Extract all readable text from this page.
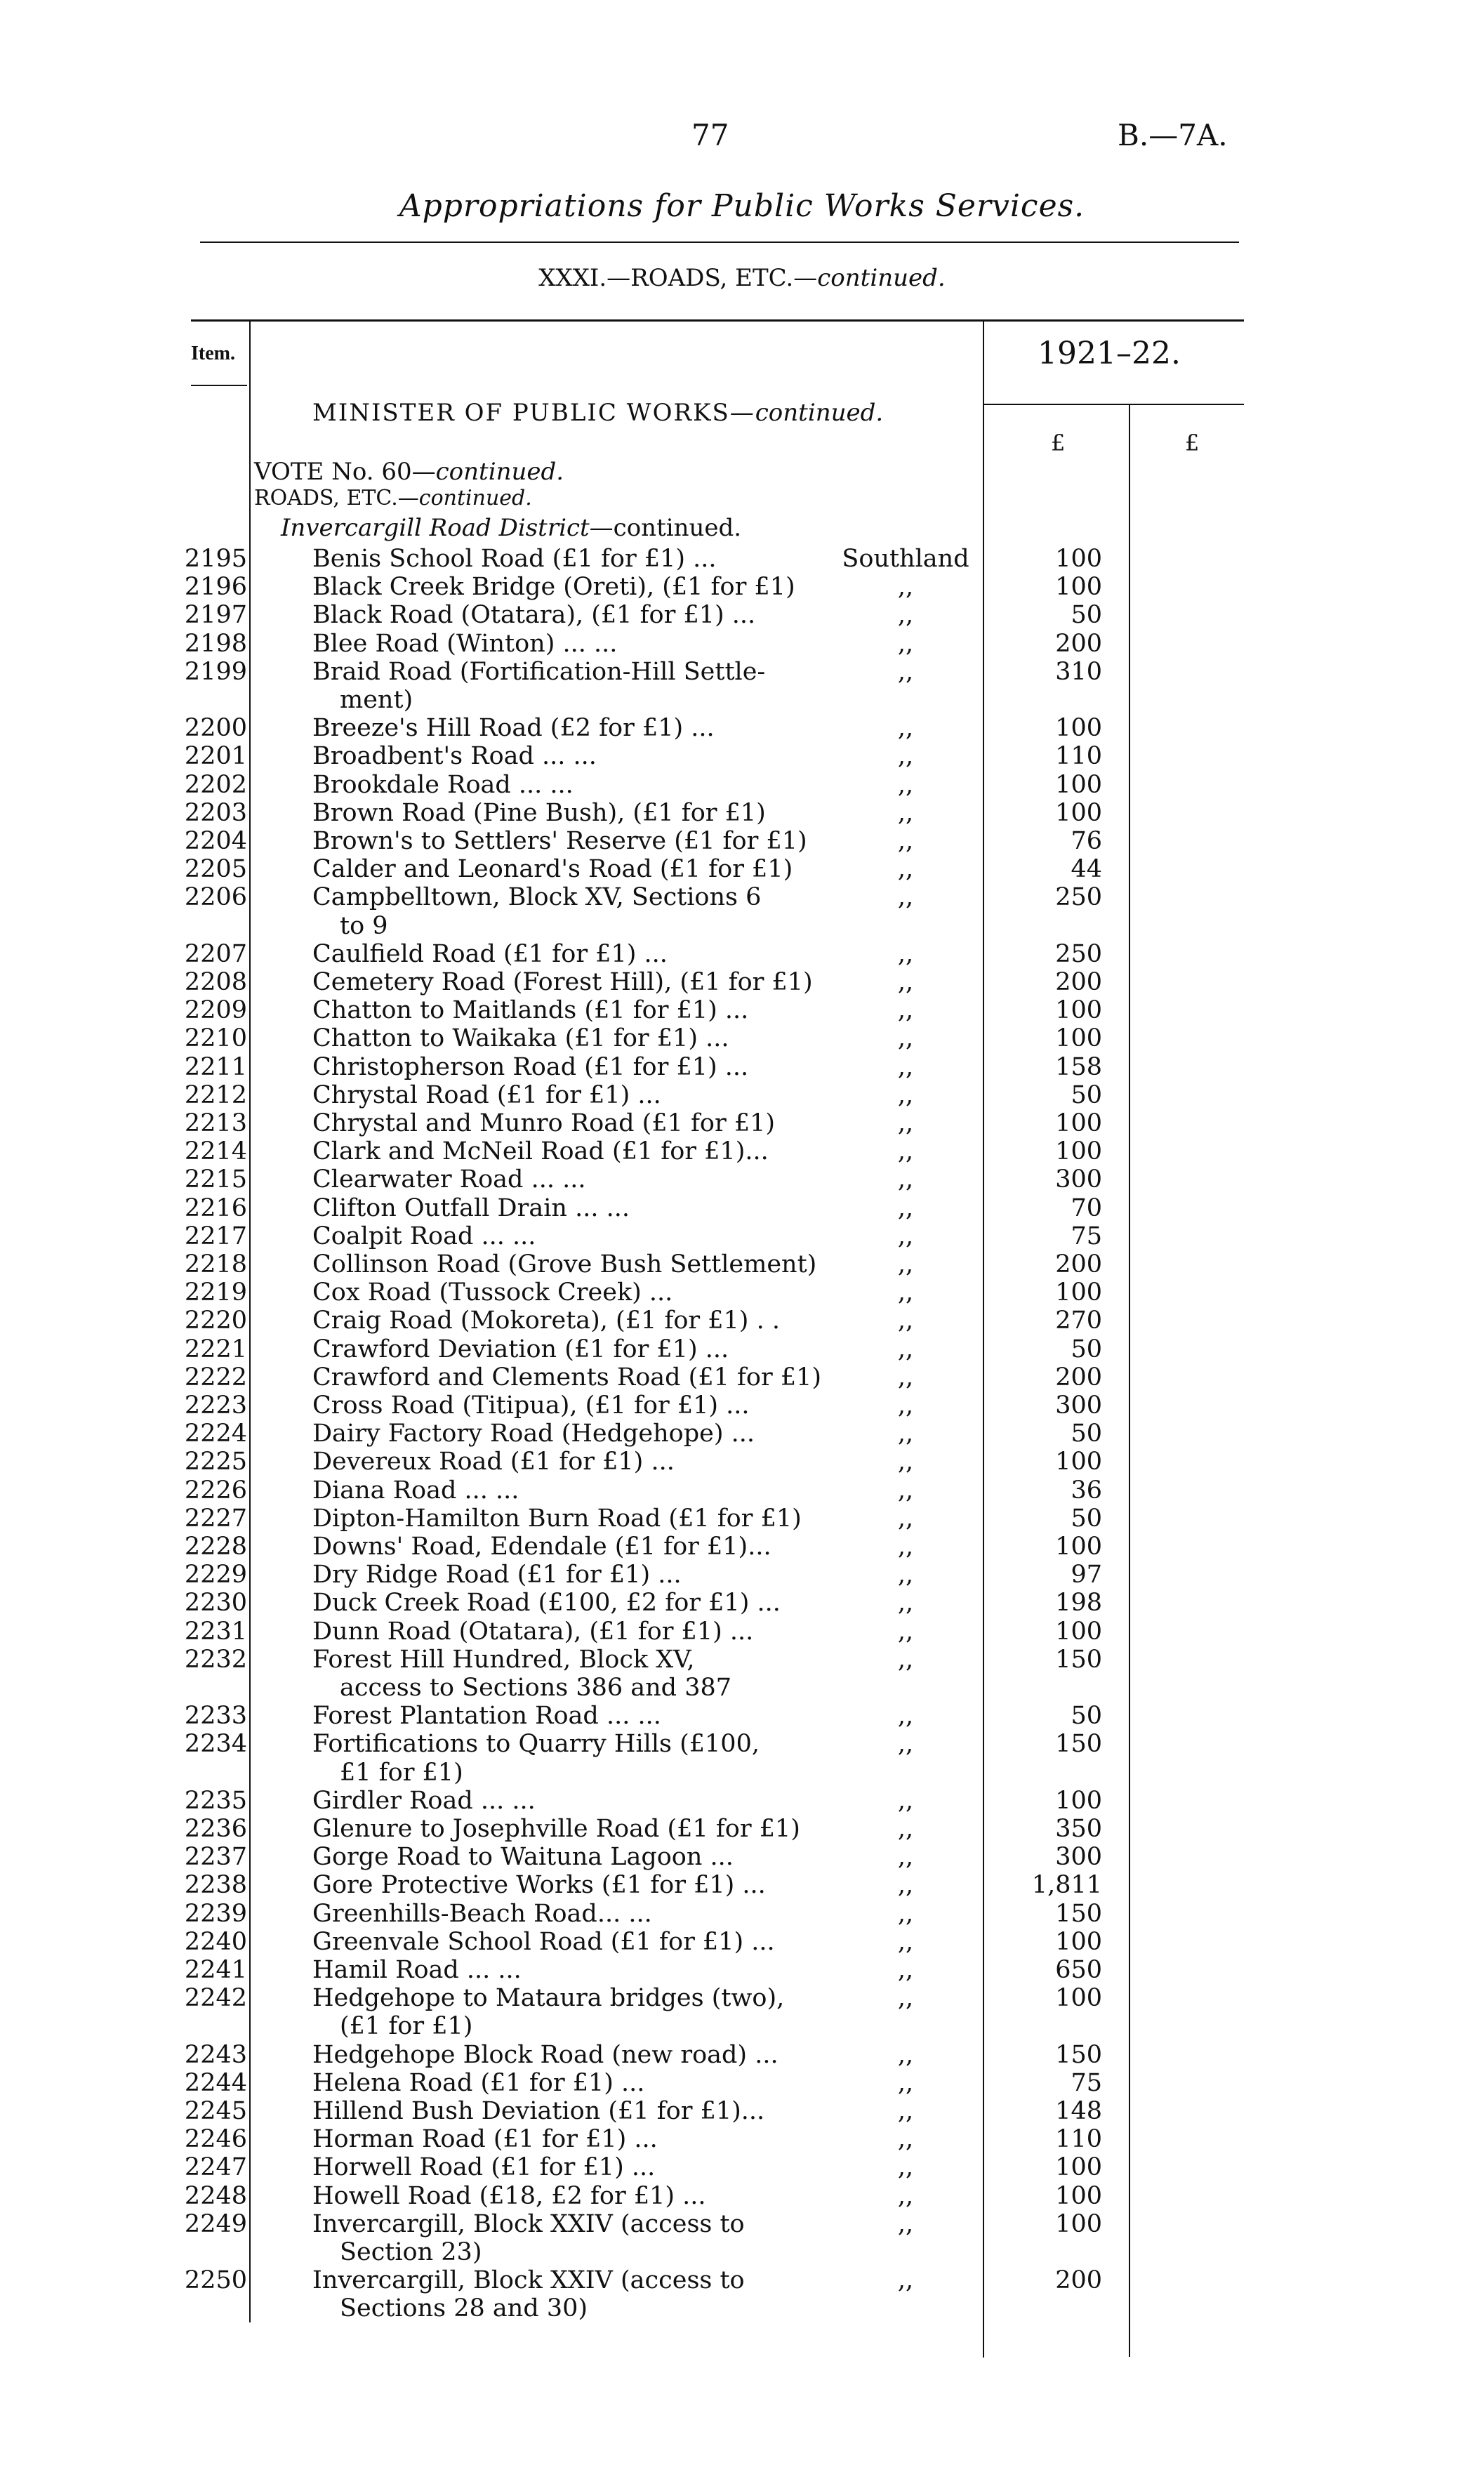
77	B.—7A.
Appropriations for Public Works Services.
XXXI.—ROADS, ETC.—continued.
Item.	1921–22.
£	£
MINISTER OF PUBLIC WORKS—continued.
VOTE No. 60—continued.
ROADS, ETC.—continued.
Invercargill Road District—continued.
2195	Benis School Road (£1 for £1) ...	Southland	100
2196	Black Creek Bridge (Oreti), (£1 for £1)	,,	100
2197	Black Road (Otatara), (£1 for £1) ...	,,	50
2198	Blee Road (Winton) ... ...	,,	200
2199	Braid Road (Fortification-Hill Settle-	,,	310
ment)
2200	Breeze's Hill Road (£2 for £1) ...	,,	100
2201	Broadbent's Road ... ...	,,	110
2202	Brookdale Road ... ...	,,	100
2203	Brown Road (Pine Bush), (£1 for £1)	,,	100
2204	Brown's to Settlers' Reserve (£1 for £1)	,,	76
2205	Calder and Leonard's Road (£1 for £1)	,,	44
2206	Campbelltown, Block XV, Sections 6	,,	250
to 9
2207	Caulfield Road (£1 for £1) ...	,,	250
2208	Cemetery Road (Forest Hill), (£1 for £1)	,,	200
2209	Chatton to Maitlands (£1 for £1) ...	,,	100
2210	Chatton to Waikaka (£1 for £1) ...	,,	100
2211	Christopherson Road (£1 for £1) ...	,,	158
2212	Chrystal Road (£1 for £1) ...	,,	50
2213	Chrystal and Munro Road (£1 for £1)	,,	100
2214	Clark and McNeil Road (£1 for £1)...	,,	100
2215	Clearwater Road ... ...	,,	300
2216	Clifton Outfall Drain ... ...	,,	70
2217	Coalpit Road ... ...	,,	75
2218	Collinson Road (Grove Bush Settlement)	,,	200
2219	Cox Road (Tussock Creek) ...	,,	100
2220	Craig Road (Mokoreta), (£1 for £1) . .	,,	270
2221	Crawford Deviation (£1 for £1) ...	,,	50
2222	Crawford and Clements Road (£1 for £1)	,,	200
2223	Cross Road (Titipua), (£1 for £1) ...	,,	300
2224	Dairy Factory Road (Hedgehope) ...	,,	50
2225	Devereux Road (£1 for £1) ...	,,	100
2226	Diana Road ... ...	,,	36
2227	Dipton-Hamilton Burn Road (£1 for £1)	,,	50
2228	Downs' Road, Edendale (£1 for £1)...	,,	100
2229	Dry Ridge Road (£1 for £1) ...	,,	97
2230	Duck Creek Road (£100, £2 for £1) ...	,,	198
2231	Dunn Road (Otatara), (£1 for £1) ...	,,	100
2232	Forest Hill Hundred, Block XV,	,,	150
access to Sections 386 and 387
2233	Forest Plantation Road ... ...	,,	50
2234	Fortifications to Quarry Hills (£100,	,,	150
£1 for £1)
2235	Girdler Road ... ...	,,	100
2236	Glenure to Josephville Road (£1 for £1)	,,	350
2237	Gorge Road to Waituna Lagoon ...	,,	300
2238	Gore Protective Works (£1 for £1) ...	,,	1,811
2239	Greenhills-Beach Road... ...	,,	150
2240	Greenvale School Road (£1 for £1) ...	,,	100
2241	Hamil Road ... ...	,,	650
2242	Hedgehope to Mataura bridges (two),	,,	100
(£1 for £1)
2243	Hedgehope Block Road (new road) ...	,,	150
2244	Helena Road (£1 for £1) ...	,,	75
2245	Hillend Bush Deviation (£1 for £1)...	,,	148
2246	Horman Road (£1 for £1) ...	,,	110
2247	Horwell Road (£1 for £1) ...	,,	100
2248	Howell Road (£18, £2 for £1) ...	,,	100
2249	Invercargill, Block XXIV (access to	,,	100
Section 23)
2250	Invercargill, Block XXIV (access to	,,	200
Sections 28 and 30)
